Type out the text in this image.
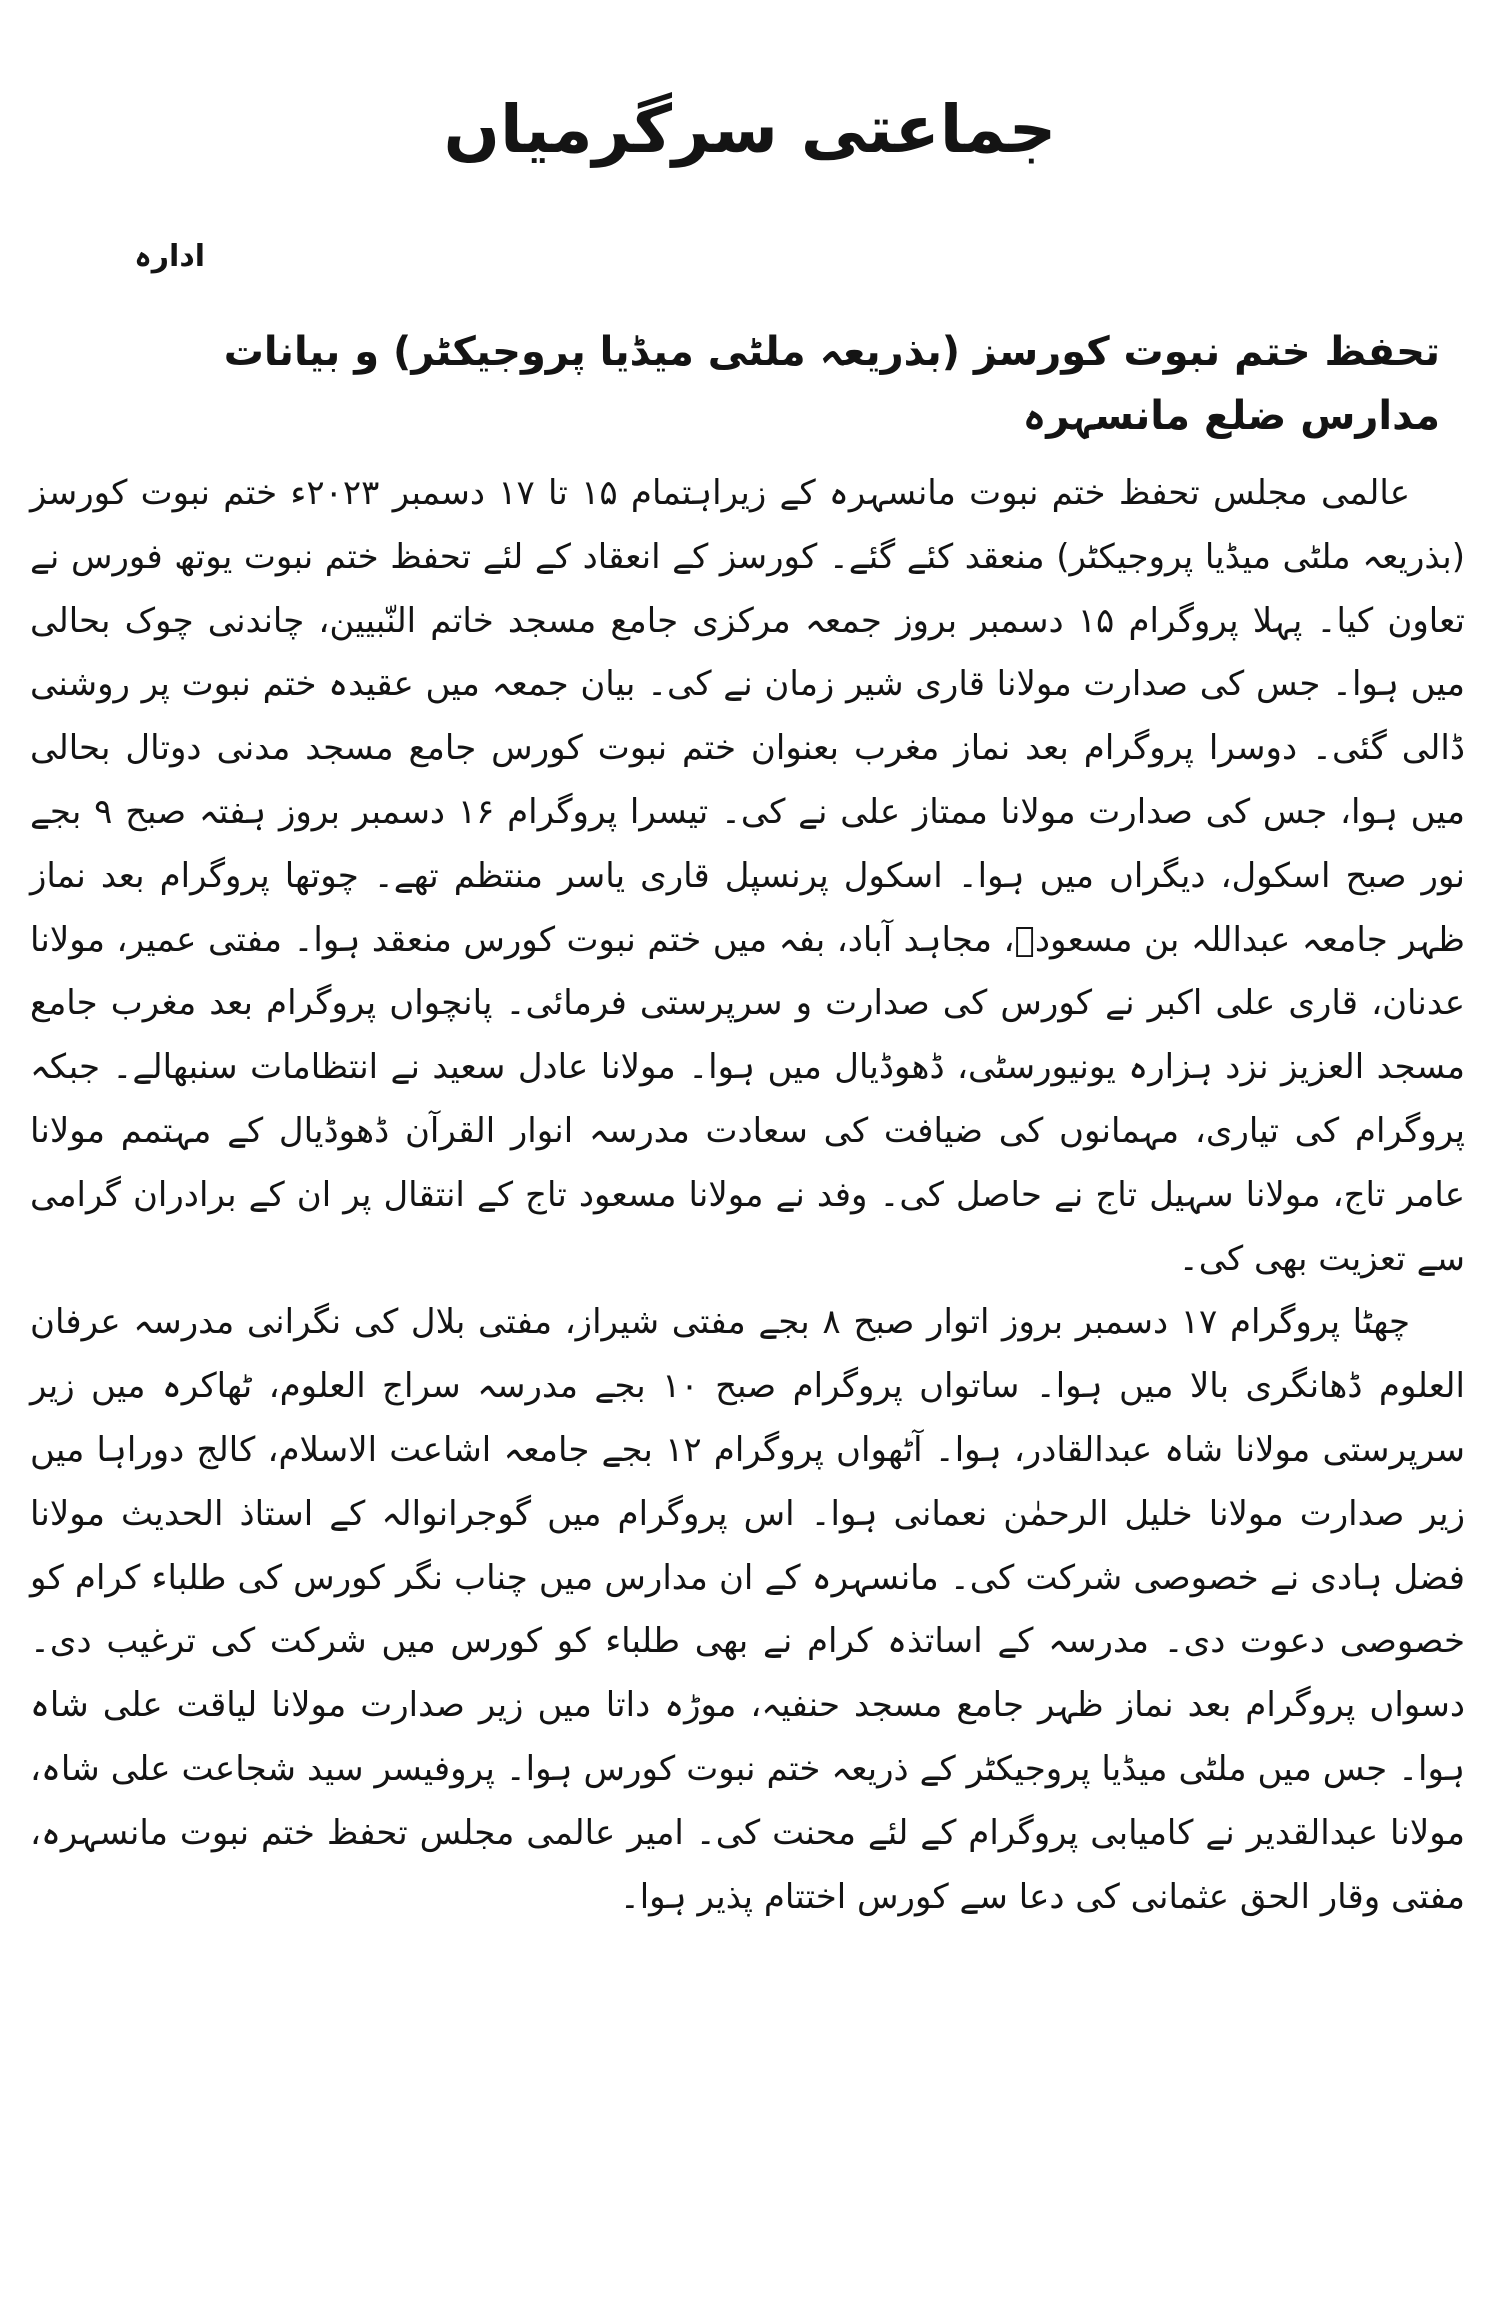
جماعتی سرگرمیاں
ادارہ
تحفظ ختم نبوت کورسز (بذریعہ ملٹی میڈیا پروجیکٹر) و بیانات مدارس ضلع مانسہرہ

عالمی مجلس تحفظ ختم نبوت مانسہرہ کے زیراہتمام ۱۵ تا ۱۷ دسمبر ۲۰۲۳ء ختم نبوت کورسز (بذریعہ ملٹی میڈیا پروجیکٹر) منعقد کئے گئے۔ کورسز کے انعقاد کے لئے تحفظ ختم نبوت یوتھ فورس نے تعاون کیا۔ پہلا پروگرام ۱۵ دسمبر بروز جمعہ مرکزی جامع مسجد خاتم النّبیین، چاندنی چوک بحالی میں ہوا۔ جس کی صدارت مولانا قاری شیر زمان نے کی۔ بیان جمعہ میں عقیدہ ختم نبوت پر روشنی ڈالی گئی۔ دوسرا پروگرام بعد نماز مغرب بعنوان ختم نبوت کورس جامع مسجد مدنی دوتال بحالی میں ہوا، جس کی صدارت مولانا ممتاز علی نے کی۔ تیسرا پروگرام ۱۶ دسمبر بروز ہفتہ صبح ۹ بجے نور صبح اسکول، دیگراں میں ہوا۔ اسکول پرنسپل قاری یاسر منتظم تھے۔ چوتھا پروگرام بعد نماز ظہر جامعہ عبداللہ بن مسعودؓ، مجاہد آباد، بفہ میں ختم نبوت کورس منعقد ہوا۔ مفتی عمیر، مولانا عدنان، قاری علی اکبر نے کورس کی صدارت و سرپرستی فرمائی۔ پانچواں پروگرام بعد مغرب جامع مسجد العزیز نزد ہزارہ یونیورسٹی، ڈھوڈیال میں ہوا۔ مولانا عادل سعید نے انتظامات سنبھالے۔ جبکہ پروگرام کی تیاری، مہمانوں کی ضیافت کی سعادت مدرسہ انوار القرآن ڈھوڈیال کے مہتمم مولانا عامر تاج، مولانا سہیل تاج نے حاصل کی۔ وفد نے مولانا مسعود تاج کے انتقال پر ان کے برادران گرامی سے تعزیت بھی کی۔

چھٹا پروگرام ۱۷ دسمبر بروز اتوار صبح ۸ بجے مفتی شیراز، مفتی بلال کی نگرانی مدرسہ عرفان العلوم ڈھانگری بالا میں ہوا۔ ساتواں پروگرام صبح ۱۰ بجے مدرسہ سراج العلوم، ٹھاکرہ میں زیر سرپرستی مولانا شاہ عبدالقادر، ہوا۔ آٹھواں پروگرام ۱۲ بجے جامعہ اشاعت الاسلام، کالج دوراہا میں زیر صدارت مولانا خلیل الرحمٰن نعمانی ہوا۔ اس پروگرام میں گوجرانوالہ کے استاذ الحدیث مولانا فضل ہادی نے خصوصی شرکت کی۔ مانسہرہ کے ان مدارس میں چناب نگر کورس کی طلباء کرام کو خصوصی دعوت دی۔ مدرسہ کے اساتذہ کرام نے بھی طلباء کو کورس میں شرکت کی ترغیب دی۔ دسواں پروگرام بعد نماز ظہر جامع مسجد حنفیہ، موڑہ داتا میں زیر صدارت مولانا لیاقت علی شاہ ہوا۔ جس میں ملٹی میڈیا پروجیکٹر کے ذریعہ ختم نبوت کورس ہوا۔ پروفیسر سید شجاعت علی شاہ، مولانا عبدالقدیر نے کامیابی پروگرام کے لئے محنت کی۔ امیر عالمی مجلس تحفظ ختم نبوت مانسہرہ، مفتی وقار الحق عثمانی کی دعا سے کورس اختتام پذیر ہوا۔
